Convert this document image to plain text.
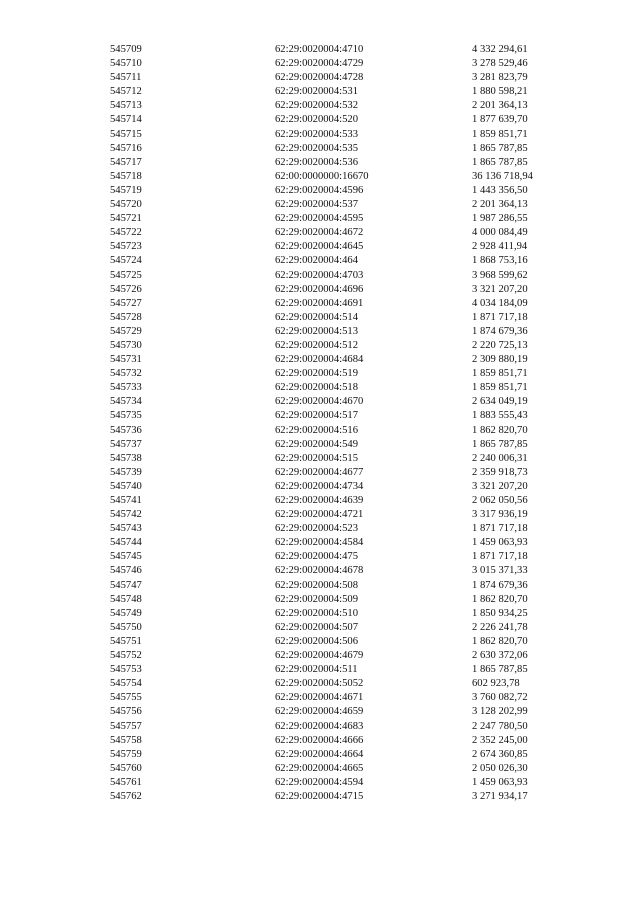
545709	62:29:0020004:4710	4 332 294,61
545710	62:29:0020004:4729	3 278 529,46
545711	62:29:0020004:4728	3 281 823,79
545712	62:29:0020004:531	1 880 598,21
545713	62:29:0020004:532	2 201 364,13
545714	62:29:0020004:520	1 877 639,70
545715	62:29:0020004:533	1 859 851,71
545716	62:29:0020004:535	1 865 787,85
545717	62:29:0020004:536	1 865 787,85
545718	62:00:0000000:16670	36 136 718,94
545719	62:29:0020004:4596	1 443 356,50
545720	62:29:0020004:537	2 201 364,13
545721	62:29:0020004:4595	1 987 286,55
545722	62:29:0020004:4672	4 000 084,49
545723	62:29:0020004:4645	2 928 411,94
545724	62:29:0020004:464	1 868 753,16
545725	62:29:0020004:4703	3 968 599,62
545726	62:29:0020004:4696	3 321 207,20
545727	62:29:0020004:4691	4 034 184,09
545728	62:29:0020004:514	1 871 717,18
545729	62:29:0020004:513	1 874 679,36
545730	62:29:0020004:512	2 220 725,13
545731	62:29:0020004:4684	2 309 880,19
545732	62:29:0020004:519	1 859 851,71
545733	62:29:0020004:518	1 859 851,71
545734	62:29:0020004:4670	2 634 049,19
545735	62:29:0020004:517	1 883 555,43
545736	62:29:0020004:516	1 862 820,70
545737	62:29:0020004:549	1 865 787,85
545738	62:29:0020004:515	2 240 006,31
545739	62:29:0020004:4677	2 359 918,73
545740	62:29:0020004:4734	3 321 207,20
545741	62:29:0020004:4639	2 062 050,56
545742	62:29:0020004:4721	3 317 936,19
545743	62:29:0020004:523	1 871 717,18
545744	62:29:0020004:4584	1 459 063,93
545745	62:29:0020004:475	1 871 717,18
545746	62:29:0020004:4678	3 015 371,33
545747	62:29:0020004:508	1 874 679,36
545748	62:29:0020004:509	1 862 820,70
545749	62:29:0020004:510	1 850 934,25
545750	62:29:0020004:507	2 226 241,78
545751	62:29:0020004:506	1 862 820,70
545752	62:29:0020004:4679	2 630 372,06
545753	62:29:0020004:511	1 865 787,85
545754	62:29:0020004:5052	602 923,78
545755	62:29:0020004:4671	3 760 082,72
545756	62:29:0020004:4659	3 128 202,99
545757	62:29:0020004:4683	2 247 780,50
545758	62:29:0020004:4666	2 352 245,00
545759	62:29:0020004:4664	2 674 360,85
545760	62:29:0020004:4665	2 050 026,30
545761	62:29:0020004:4594	1 459 063,93
545762	62:29:0020004:4715	3 271 934,17
